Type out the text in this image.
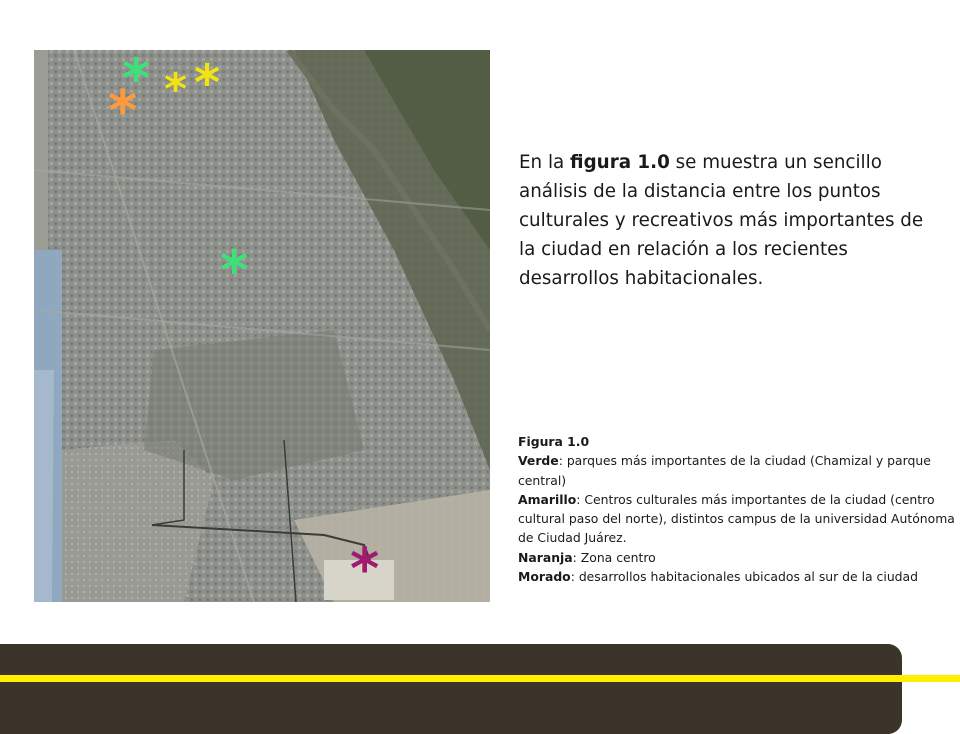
* * *
*
*
*

En la figura 1.0 se muestra un sencillo análisis de la distancia entre los puntos culturales y recreativos más importantes de la ciudad en relación a los recientes desarrollos habitacionales.

Figura 1.0

Verde: parques más importantes de la ciudad (Chamizal y parque central)

Amarillo: Centros culturales más importantes de la ciudad (centro cultural paso del norte), distintos campus de la universidad Autónoma de Ciudad Juárez.

Naranja: Zona centro

Morado: desarrollos habitacionales ubicados al sur de la ciudad
